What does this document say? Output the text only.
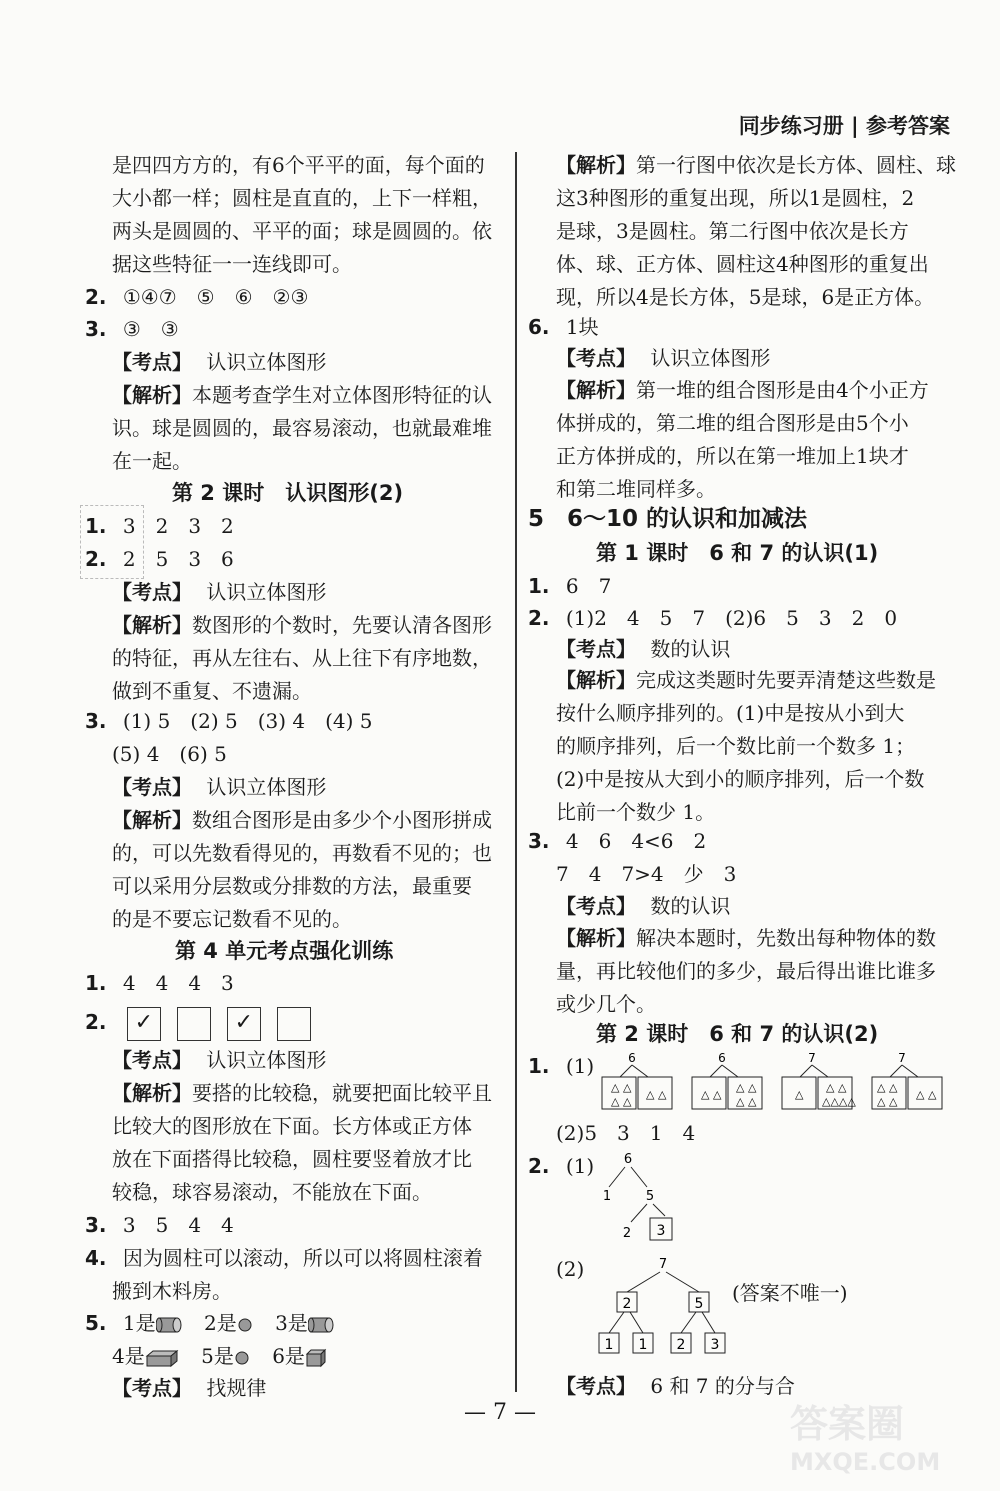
同步练习册 | 参考答案
是四四方方的，有6个平平的面，每个面的
大小都一样；圆柱是直直的，上下一样粗，
两头是圆圆的、平平的面；球是圆圆的。依
据这些特征一一连线即可。
2. ①④⑦　⑤　⑥　②③
3. ③　③
【考点】 认识立体图形
【解析】本题考查学生对立体图形特征的认
识。球是圆圆的，最容易滚动，也就最难堆
在一起。
第 2 课时　认识图形(2)
1. 3　2　3　2
2. 2　5　3　6
【考点】 认识立体图形
【解析】数图形的个数时，先要认清各图形
的特征，再从左往右、从上往下有序地数，
做到不重复、不遗漏。
3. (1) 5　(2) 5　(3) 4　(4) 5
(5) 4　(6) 5
【考点】 认识立体图形
【解析】数组合图形是由多少个小图形拼成
的，可以先数看得见的，再数看不见的；也
可以采用分层数或分排数的方法，最重要
的是不要忘记数看不见的。
第 4 单元考点强化训练
1. 4　4　4　3
2. ✓	✓
【考点】 认识立体图形
【解析】要搭的比较稳，就要把面比较平且
比较大的图形放在下面。长方体或正方体
放在下面搭得比较稳，圆柱要竖着放才比
较稳，球容易滚动，不能放在下面。
3. 3　5　4　4
4. 因为圆柱可以滚动，所以可以将圆柱滚着
搬到木料房。
5. 1是 2是 3是
4是	5是 6是
【考点】 找规律
【解析】第一行图中依次是长方体、圆柱、球
这3种图形的重复出现，所以1是圆柱，2
是球，3是圆柱。第二行图中依次是长方
体、球、正方体、圆柱这4种图形的重复出
现，所以4是长方体，5是球，6是正方体。
6. 1块
【考点】 认识立体图形
【解析】第一堆的组合图形是由4个小正方
体拼成的，第二堆的组合图形是由5个小
正方体拼成的，所以在第一堆加上1块才
和第二堆同样多。
5　6～10 的认识和加减法
第 1 课时　6 和 7 的认识(1)
1. 6　7
2. (1)2　4　5　7　(2)6　5　3　2　0
【考点】 数的认识
【解析】完成这类题时先要弄清楚这些数是
按什么顺序排列的。(1)中是按从小到大
的顺序排列，后一个数比前一个数多 1；
(2)中是按从大到小的顺序排列，后一个数
比前一个数少 1。
3. 4　6　4<6　2
7　4　7>4　少　3
【考点】 数的认识
【解析】解决本题时，先数出每种物体的数
量，再比较他们的多少，最后得出谁比谁多
或少几个。
第 2 课时　6 和 7 的认识(2)
1. (1)	6
△ △
△ △
△ △
6
△ △
△ △
△ △
7
△
△ △
△△△△
7
△ △
△ △
△ △
(2)5　3　1　4
2. (1) 6
1	5
2 3
(2)	7
2	5
1 1 2 3
(答案不唯一)
【考点】 6 和 7 的分与合
— 7 —	答案圈
MXQE.COM
